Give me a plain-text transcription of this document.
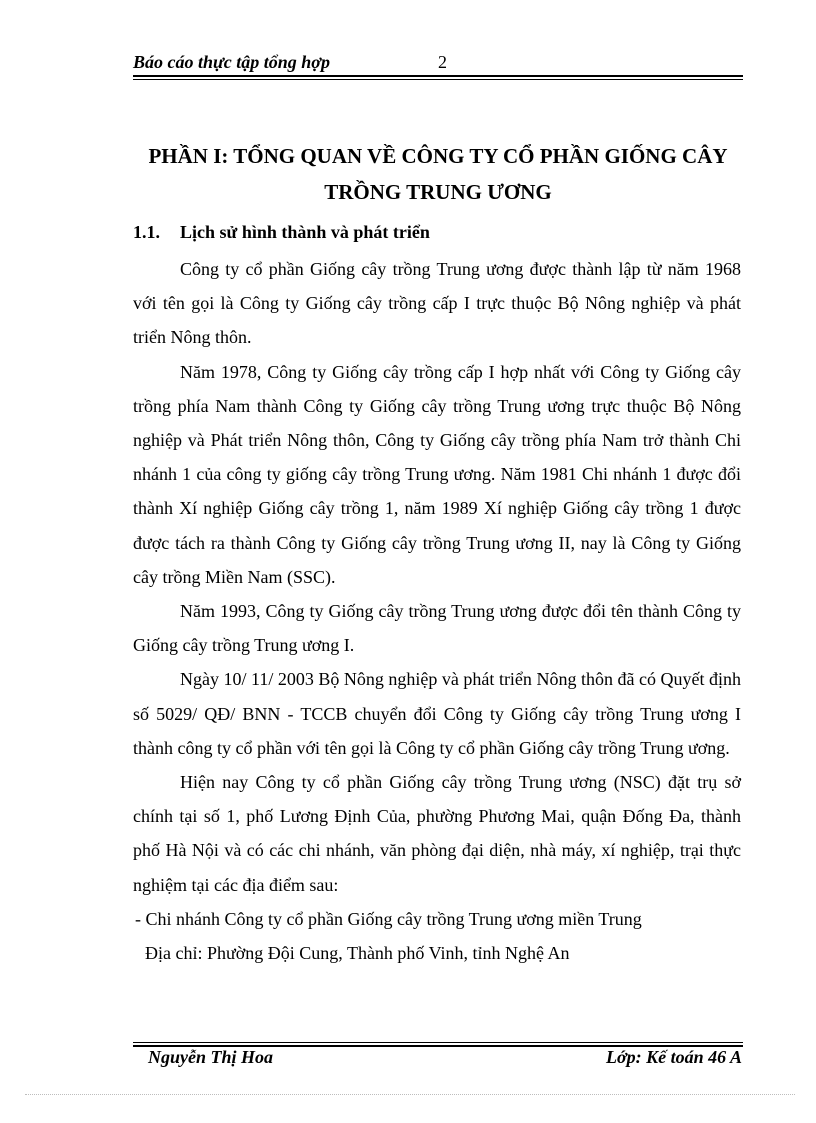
Báo cáo thực tập tổng hợp	2
PHẦN I: TỔNG QUAN VỀ CÔNG TY CỔ PHẦN GIỐNG CÂY
TRỒNG TRUNG ƯƠNG
1.1. Lịch sử hình thành và phát triển

Công ty cổ phần Giống cây trồng Trung ương được thành lập từ năm 1968 với tên gọi là Công ty Giống cây trồng cấp I trực thuộc Bộ Nông nghiệp và phát triển Nông thôn.

Năm 1978, Công ty Giống cây trồng cấp I hợp nhất với Công ty Giống cây trồng phía Nam thành Công ty Giống cây trồng Trung ương trực thuộc Bộ Nông nghiệp và Phát triển Nông thôn, Công ty Giống cây trồng phía Nam trở thành Chi nhánh 1 của công ty giống cây trồng Trung ương. Năm 1981 Chi nhánh 1 được đổi thành Xí nghiệp Giống cây trồng 1, năm 1989 Xí nghiệp Giống cây trồng 1 được được tách ra thành Công ty Giống cây trồng Trung ương II, nay là Công ty Giống cây trồng Miền Nam (SSC).

Năm 1993, Công ty Giống cây trồng Trung ương được đổi tên thành Công ty Giống cây trồng Trung ương I.

Ngày 10/ 11/ 2003 Bộ Nông nghiệp và phát triển Nông thôn đã có Quyết định số 5029/ QĐ/ BNN - TCCB chuyển đổi Công ty Giống cây trồng Trung ương I thành công ty cổ phần với tên gọi là Công ty cổ phần Giống cây trồng Trung ương.

Hiện nay Công ty cổ phần Giống cây trồng Trung ương (NSC) đặt trụ sở chính tại số 1, phố Lương Định Của, phường Phương Mai, quận Đống Đa, thành phố Hà Nội và có các chi nhánh, văn phòng đại diện, nhà máy, xí nghiệp, trại thực nghiệm tại các địa điểm sau:

- Chi nhánh Công ty cổ phần Giống cây trồng Trung ương miền Trung

Địa chỉ: Phường Đội Cung, Thành phố Vinh, tỉnh Nghệ An

Nguyễn Thị Hoa	Lớp: Kế toán 46 A
